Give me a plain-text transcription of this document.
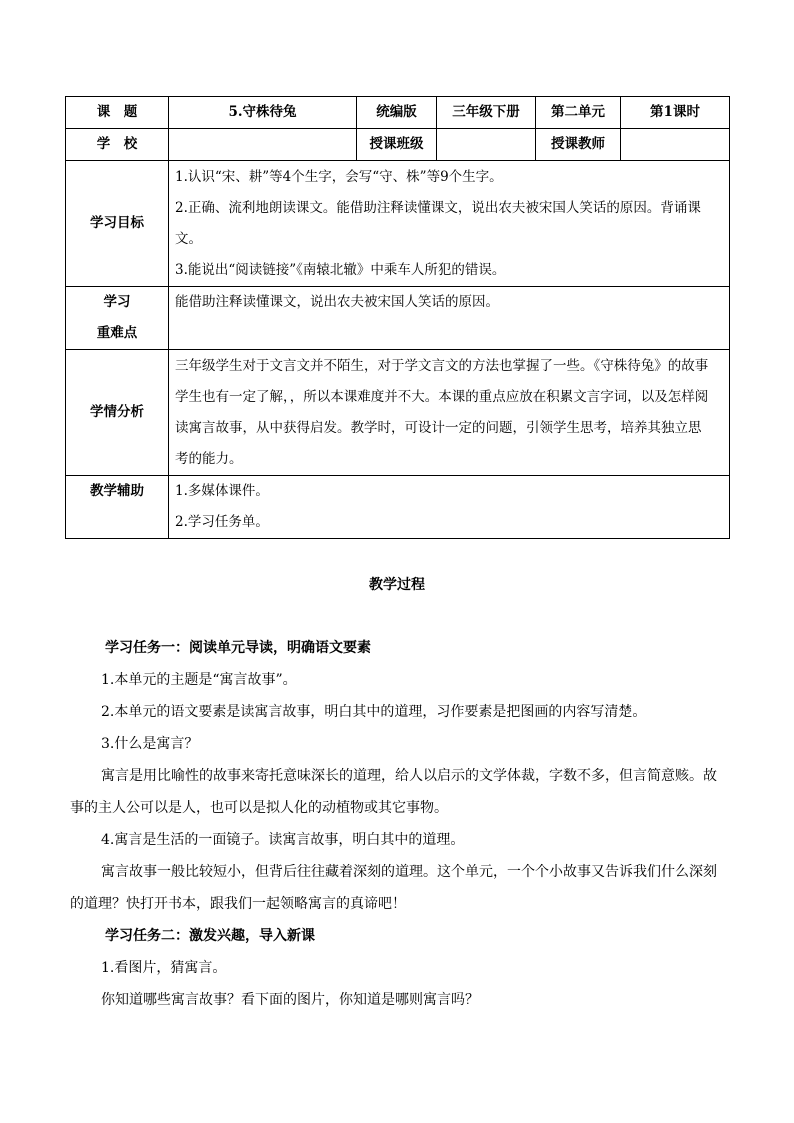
课　题	5.守株待兔	统编版	三年级下册	第二单元	第1课时
学　校		授课班级		授课教师	
学习目标	1.认识“宋、耕”等4个生字，会写“守、株”等9个生字。
2.正确、流利地朗读课文。能借助注释读懂课文，说出农夫被宋国人笑话的原因。背诵课
文。
3.能说出“阅读链接”《南辕北辙》中乘车人所犯的错误。				

学习
重难点	能借助注释读懂课文，说出农夫被宋国人笑话的原因。				

学情分析	三年级学生对于文言文并不陌生，对于学文言文的方法也掌握了一些。《守株待兔》的故事
学生也有一定了解，，所以本课难度并不大。本课的重点应放在积累文言字词，以及怎样阅
读寓言故事，从中获得启发。教学时，可设计一定的问题，引领学生思考，培养其独立思
考的能力。				

教学辅助	1.多媒体课件。
2.学习任务单。				
教学过程

学习任务一：阅读单元导读，明确语文要素

1.本单元的主题是“寓言故事”。

2.本单元的语文要素是读寓言故事，明白其中的道理，习作要素是把图画的内容写清楚。

3.什么是寓言？

寓言是用比喻性的故事来寄托意味深长的道理，给人以启示的文学体裁，字数不多，但言简意赅。故

事的主人公可以是人，也可以是拟人化的动植物或其它事物。

4.寓言是生活的一面镜子。读寓言故事，明白其中的道理。

寓言故事一般比较短小，但背后往往藏着深刻的道理。这个单元，一个个小故事又告诉我们什么深刻

的道理？快打开书本，跟我们一起领略寓言的真谛吧！

学习任务二：激发兴趣，导入新课

1.看图片，猜寓言。

你知道哪些寓言故事？看下面的图片，你知道是哪则寓言吗？
